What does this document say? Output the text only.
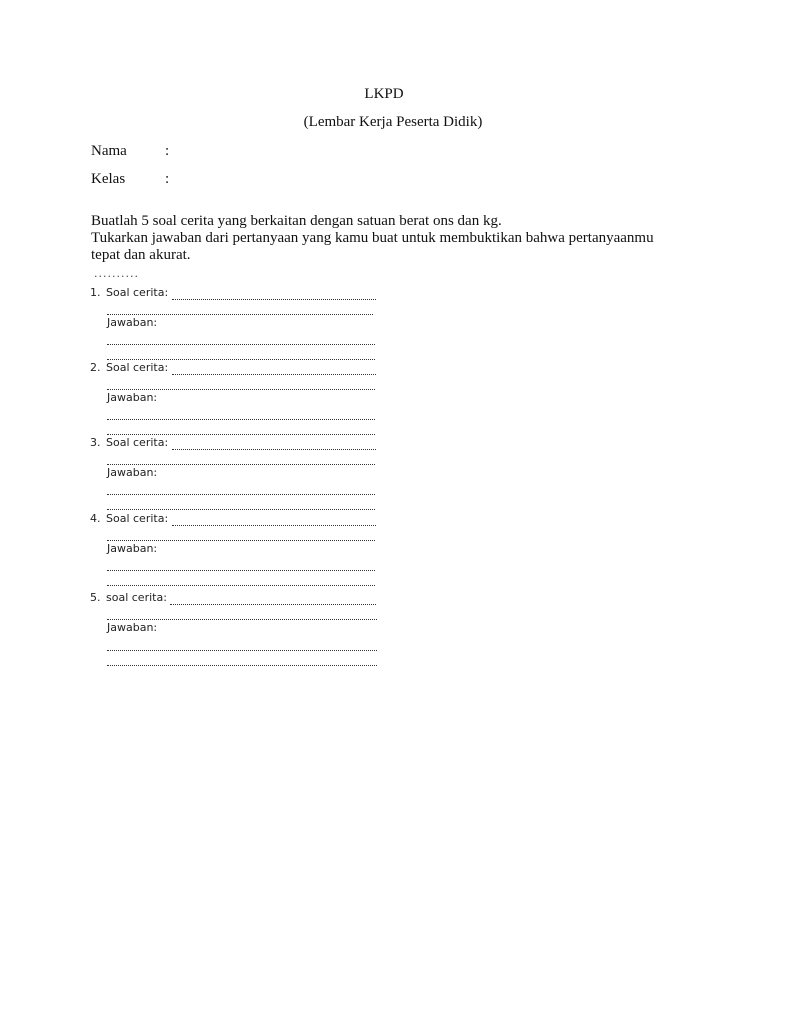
LKPD
(Lembar Kerja Peserta Didik)
Nama	:
Kelas	:
Buatlah 5 soal cerita yang berkaitan dengan satuan berat ons dan kg.
Tukarkan jawaban dari pertanyaan yang kamu buat untuk membuktikan bahwa pertanyaanmu
tepat dan akurat.
..........
1. Soal cerita:
Jawaban:
2. Soal cerita:
Jawaban:
3. Soal cerita:
Jawaban:
4. Soal cerita:
Jawaban:
5. soal cerita:
Jawaban:
